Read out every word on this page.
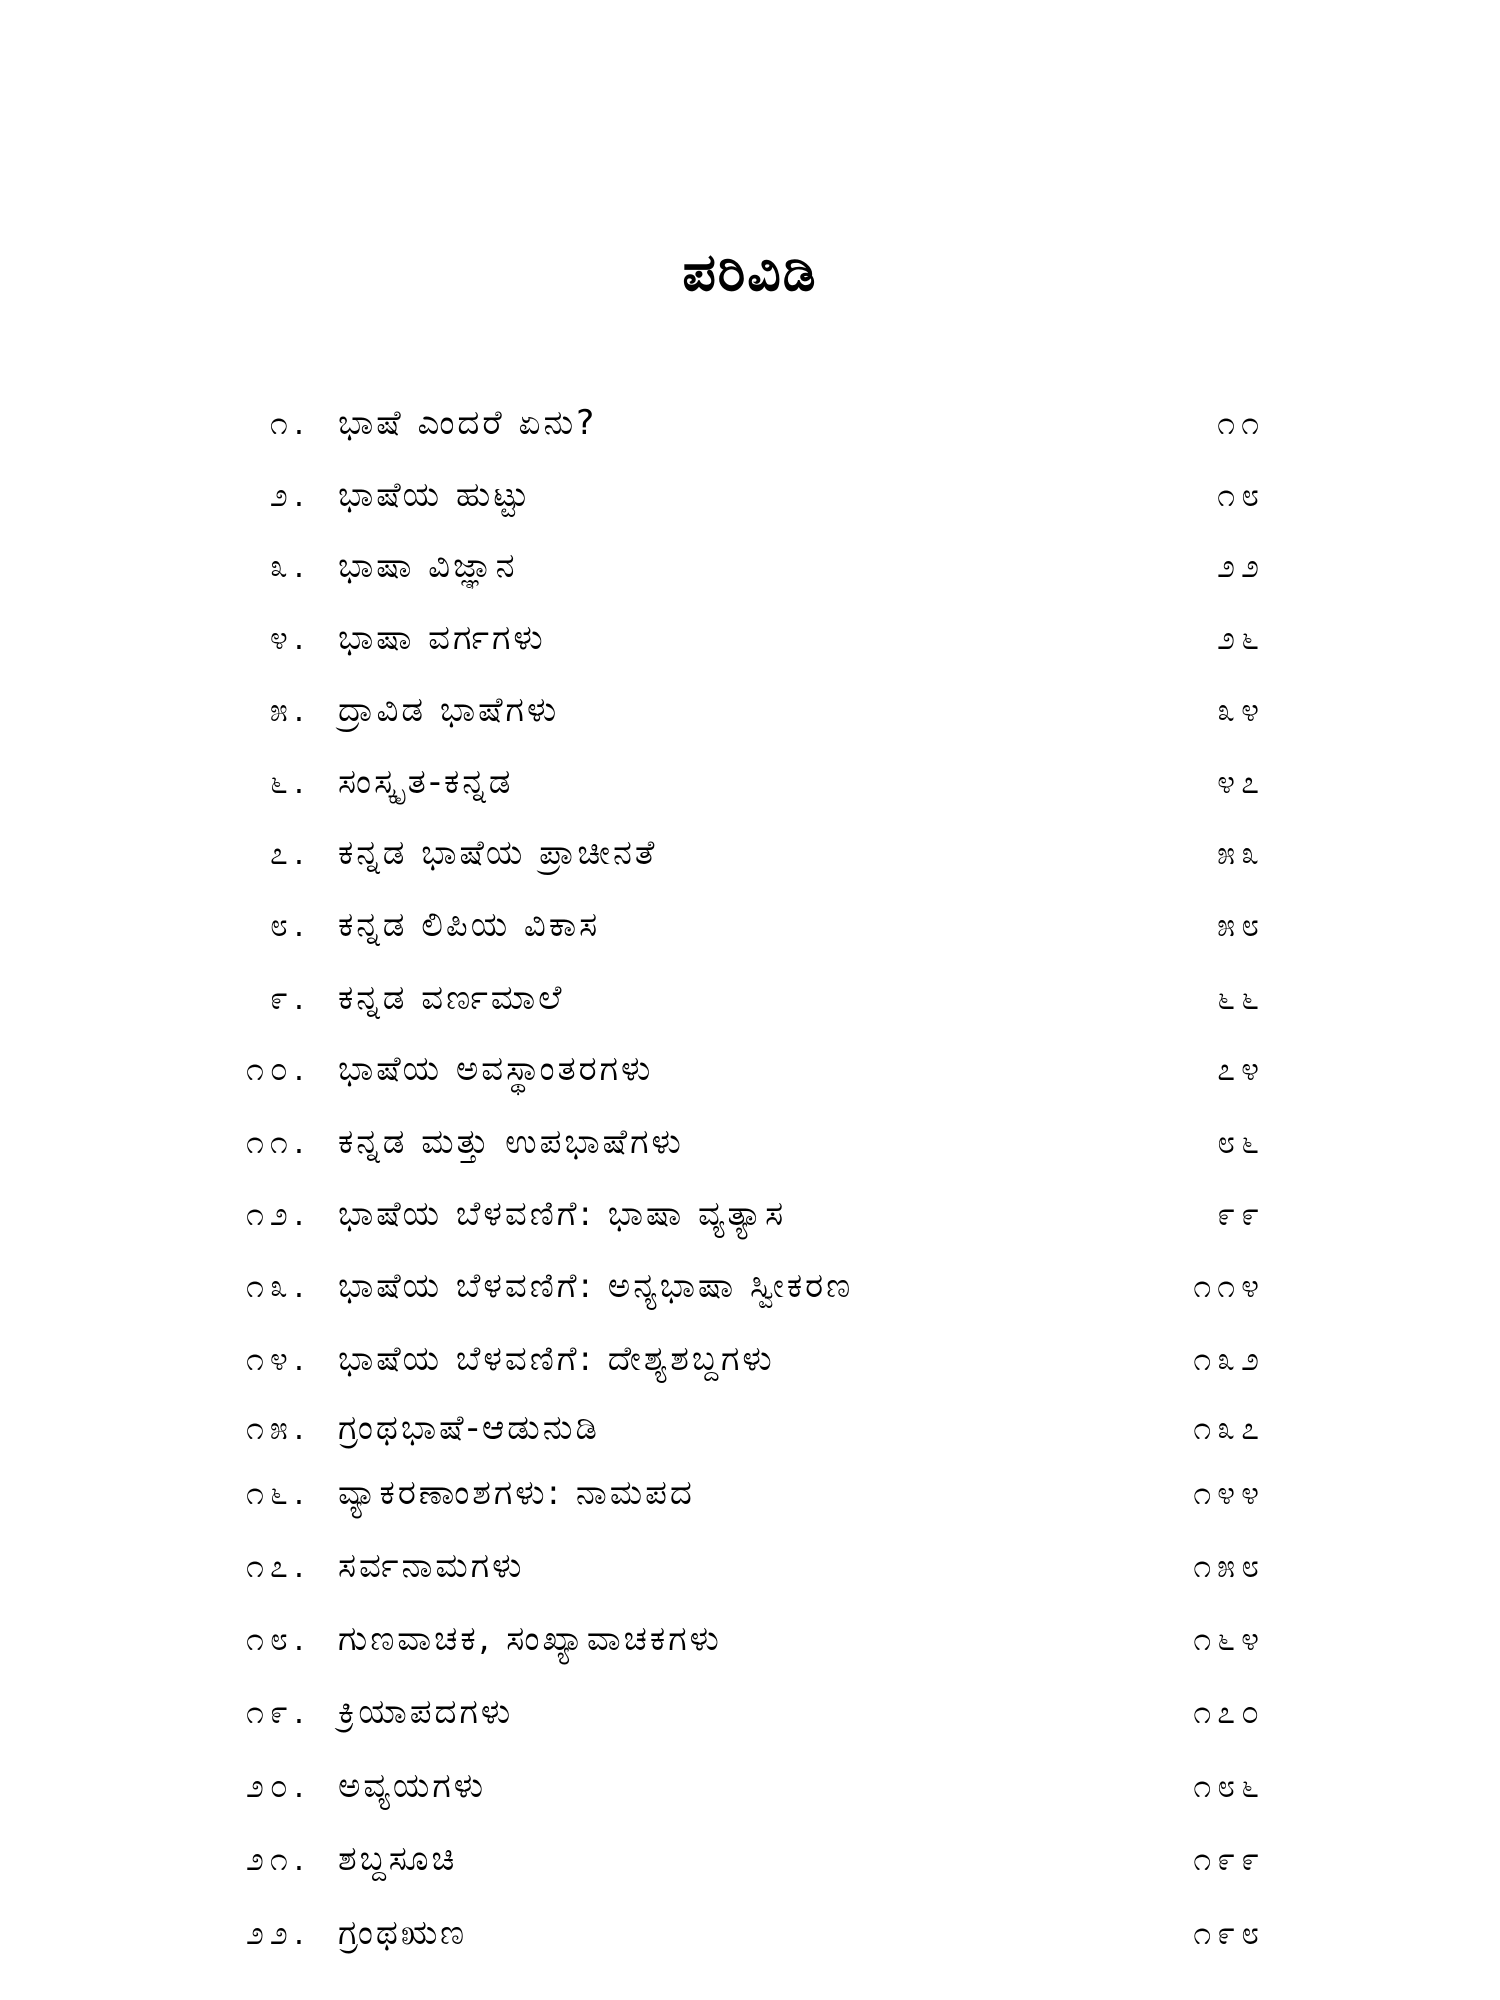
ಪರಿವಿಡಿ
೧. ಭಾಷೆ ಎಂದರೆ ಏನು?	೧೧
೨. ಭಾಷೆಯ ಹುಟ್ಟು	೧೮
೩. ಭಾಷಾ ವಿಜ್ಞಾನ	೨೨
೪. ಭಾಷಾ ವರ್ಗಗಳು	೨೬
೫. ದ್ರಾವಿಡ ಭಾಷೆಗಳು	೩೪
೬. ಸಂಸ್ಕೃತ-ಕನ್ನಡ	೪೭
೭. ಕನ್ನಡ ಭಾಷೆಯ ಪ್ರಾಚೀನತೆ	೫೩
೮. ಕನ್ನಡ ಲಿಪಿಯ ವಿಕಾಸ	೫೮
೯. ಕನ್ನಡ ವರ್ಣಮಾಲೆ	೬೬
೧೦. ಭಾಷೆಯ ಅವಸ್ಥಾಂತರಗಳು	೭೪
೧೧. ಕನ್ನಡ ಮತ್ತು ಉಪಭಾಷೆಗಳು	೮೬
೧೨. ಭಾಷೆಯ ಬೆಳವಣಿಗೆ: ಭಾಷಾ ವ್ಯತ್ಯಾಸ	೯೯
೧೩. ಭಾಷೆಯ ಬೆಳವಣಿಗೆ: ಅನ್ಯಭಾಷಾ ಸ್ವೀಕರಣ	೧೧೪
೧೪. ಭಾಷೆಯ ಬೆಳವಣಿಗೆ: ದೇಶ್ಯಶಬ್ದಗಳು	೧೩೨
೧೫. ಗ್ರಂಥಭಾಷೆ-ಆಡುನುಡಿ	೧೩೭
೧೬. ವ್ಯಾಕರಣಾಂಶಗಳು: ನಾಮಪದ	೧೪೪
೧೭. ಸರ್ವನಾಮಗಳು	೧೫೮
೧೮. ಗುಣವಾಚಕ, ಸಂಖ್ಯಾವಾಚಕಗಳು	೧೬೪
೧೯. ಕ್ರಿಯಾಪದಗಳು	೧೭೦
೨೦. ಅವ್ಯಯಗಳು	೧೮೬
೨೧. ಶಬ್ದಸೂಚಿ	೧೯೯
೨೨. ಗ್ರಂಥಋಣ	೧೯೮
